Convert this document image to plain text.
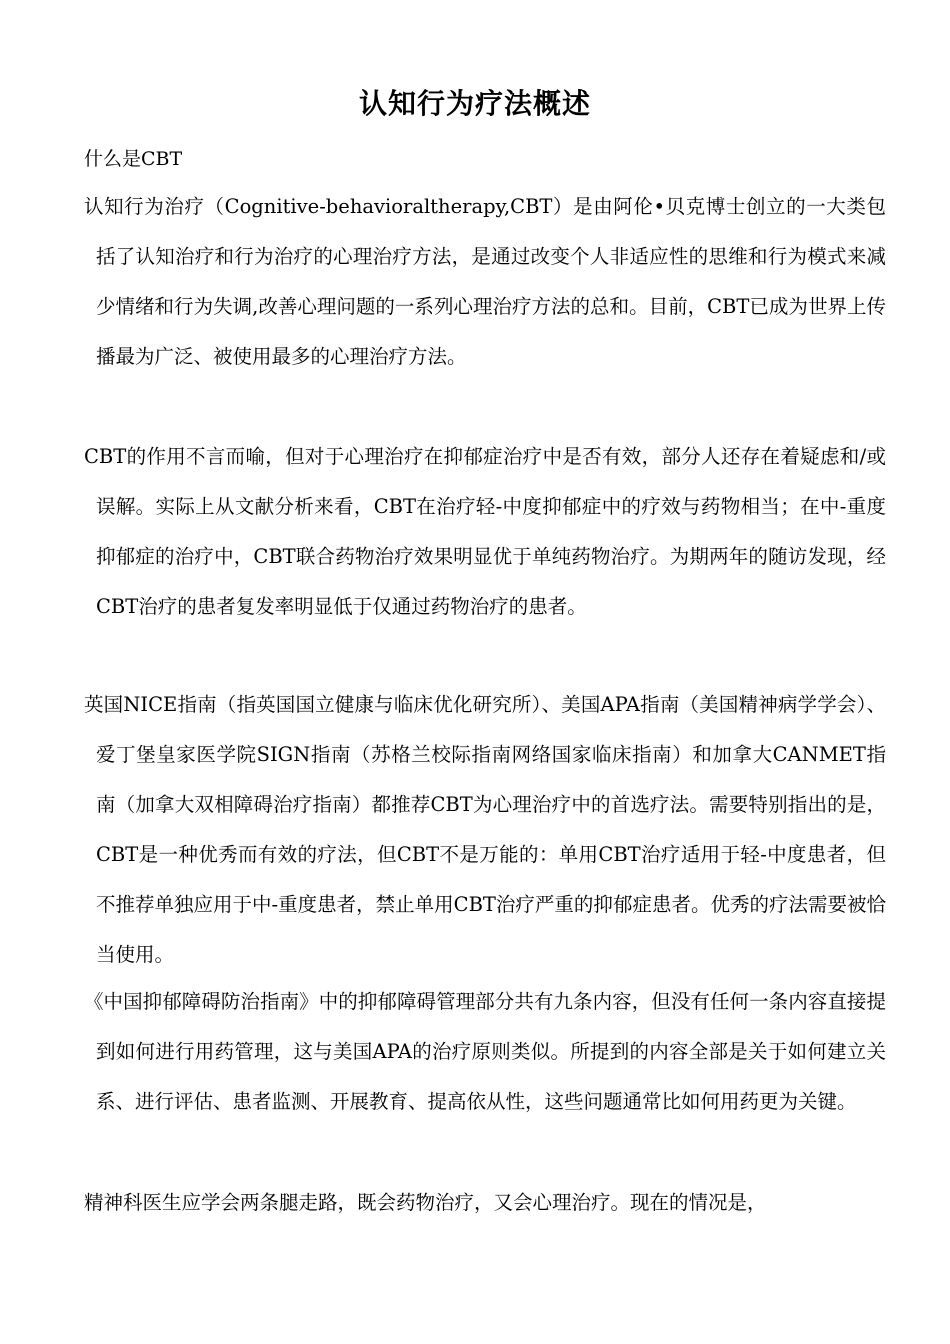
认知行为疗法概述
什么是CBT
认知行为治疗（Cognitive-behavioraltherapy,CBT）是由阿伦•贝克博士创立的一大类包括了认知治疗和行为治疗的心理治疗方法，是通过改变个人非适应性的思维和行为模式来减少情绪和行为失调,改善心理问题的一系列心理治疗方法的总和。目前，CBT已成为世界上传播最为广泛、被使用最多的心理治疗方法。
CBT的作用不言而喻，但对于心理治疗在抑郁症治疗中是否有效，部分人还存在着疑虑和/或误解。实际上从文献分析来看，CBT在治疗轻-中度抑郁症中的疗效与药物相当；在中-重度抑郁症的治疗中，CBT联合药物治疗效果明显优于单纯药物治疗。为期两年的随访发现，经CBT治疗的患者复发率明显低于仅通过药物治疗的患者。
英国NICE指南（指英国国立健康与临床优化研究所）、美国APA指南（美国精神病学学会）、爱丁堡皇家医学院SIGN指南（苏格兰校际指南网络国家临床指南）和加拿大CANMET指南（加拿大双相障碍治疗指南）都推荐CBT为心理治疗中的首选疗法。需要特别指出的是，CBT是一种优秀而有效的疗法，但CBT不是万能的：单用CBT治疗适用于轻-中度患者，但不推荐单独应用于中-重度患者，禁止单用CBT治疗严重的抑郁症患者。优秀的疗法需要被恰当使用。
《中国抑郁障碍防治指南》中的抑郁障碍管理部分共有九条内容，但没有任何一条内容直接提到如何进行用药管理，这与美国APA的治疗原则类似。所提到的内容全部是关于如何建立关系、进行评估、患者监测、开展教育、提高依从性，这些问题通常比如何用药更为关键。
精神科医生应学会两条腿走路，既会药物治疗，又会心理治疗。现在的情况是，
